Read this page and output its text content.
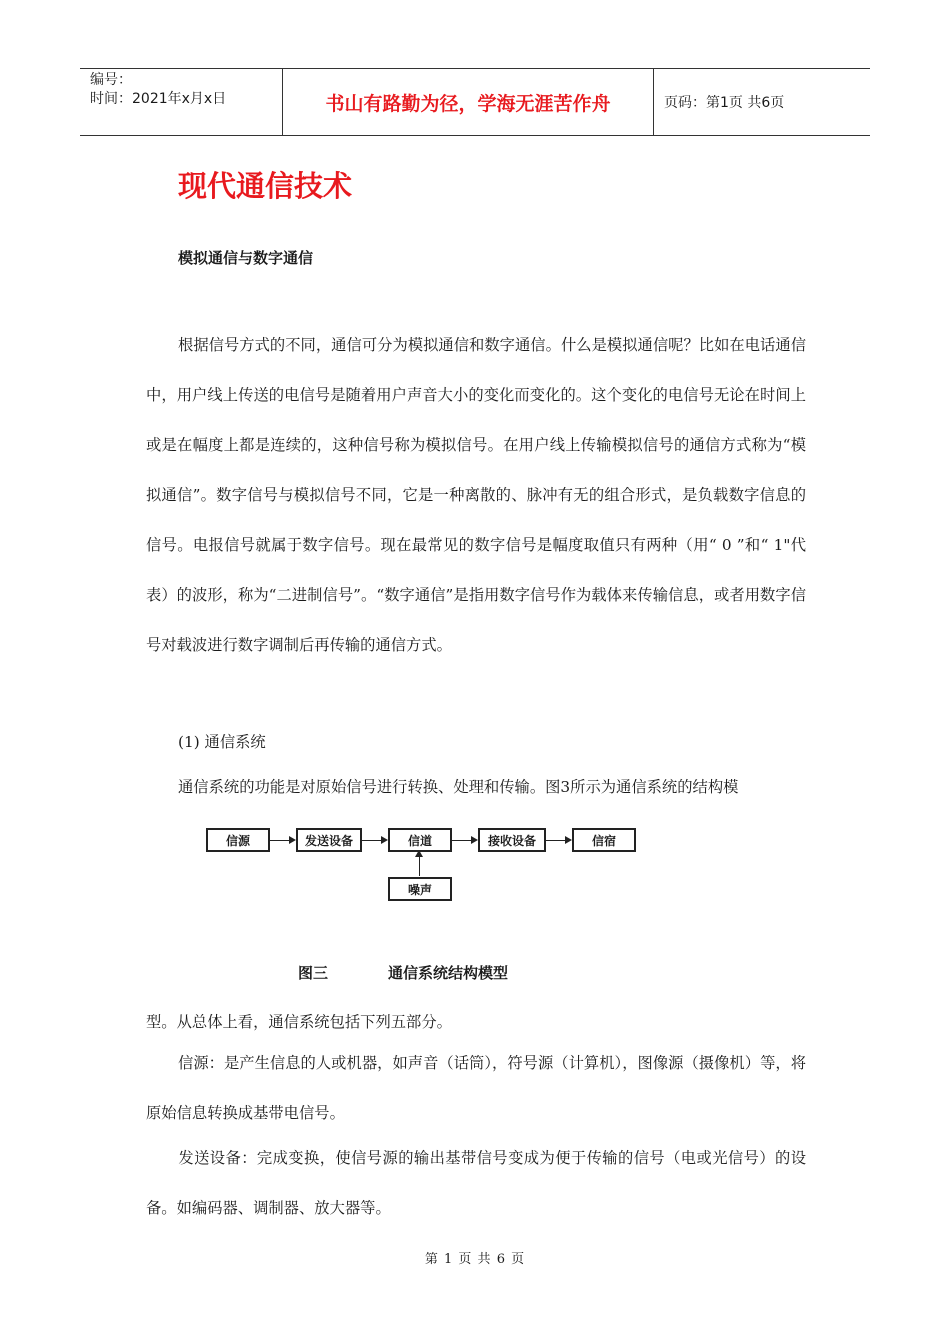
编号：
时间：2021年x月x日	书山有路勤为径，学海无涯苦作舟	页码：第1页 共6页
现代通信技术
模拟通信与数字通信
根据信号方式的不同，通信可分为模拟通信和数字通信。什么是模拟通信呢？比如在电话通信中，用户线上传送的电信号是随着用户声音大小的变化而变化的。这个变化的电信号无论在时间上或是在幅度上都是连续的，这种信号称为模拟信号。在用户线上传输模拟信号的通信方式称为“模拟通信”。数字信号与模拟信号不同，它是一种离散的、脉冲有无的组合形式，是负载数字信息的信号。电报信号就属于数字信号。现在最常见的数字信号是幅度取值只有两种（用“ 0 ”和“ 1"代表）的波形，称为“二进制信号”。“数字通信”是指用数字信号作为载体来传输信息，或者用数字信号对载波进行数字调制后再传输的通信方式。
(1) 通信系统
通信系统的功能是对原始信号进行转换、处理和传输。图3所示为通信系统的结构模
信源	发送设备	信道	接收设备	信宿
噪声
图三	通信系统结构模型
型。从总体上看，通信系统包括下列五部分。
信源：是产生信息的人或机器，如声音（话筒），符号源（计算机），图像源（摄像机）等，将原始信息转换成基带电信号。
发送设备：完成变换，使信号源的输出基带信号变成为便于传输的信号（电或光信号）的设备。如编码器、调制器、放大器等。
第 1 页 共 6 页
